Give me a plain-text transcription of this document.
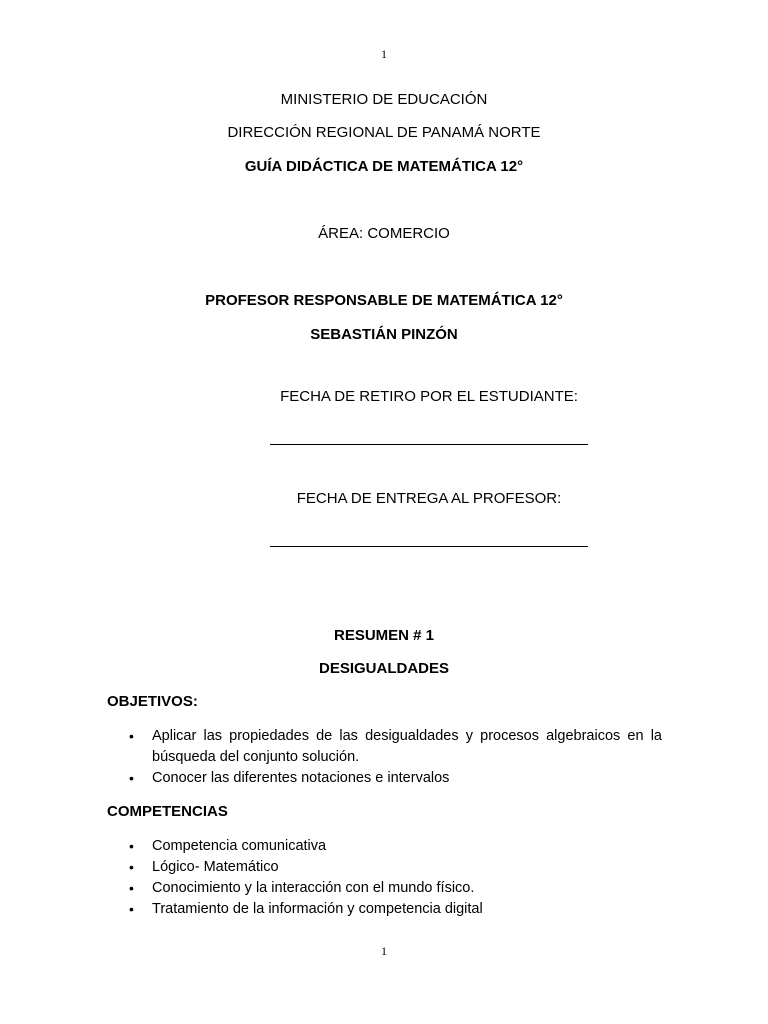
1
MINISTERIO DE EDUCACIÓN
DIRECCIÓN REGIONAL DE PANAMÁ NORTE
GUÍA DIDÁCTICA DE MATEMÁTICA 12°
ÁREA: COMERCIO
PROFESOR RESPONSABLE DE MATEMÁTICA 12°
SEBASTIÁN PINZÓN
FECHA DE RETIRO POR EL ESTUDIANTE:
FECHA DE ENTREGA AL PROFESOR:
RESUMEN # 1
DESIGUALDADES
OBJETIVOS:
• Aplicar las propiedades de las desigualdades y procesos algebraicos en la búsqueda del conjunto solución.
• Conocer las diferentes notaciones e intervalos
COMPETENCIAS
• Competencia comunicativa
• Lógico- Matemático
• Conocimiento y la interacción con el mundo físico.
• Tratamiento de la información y competencia digital
1
